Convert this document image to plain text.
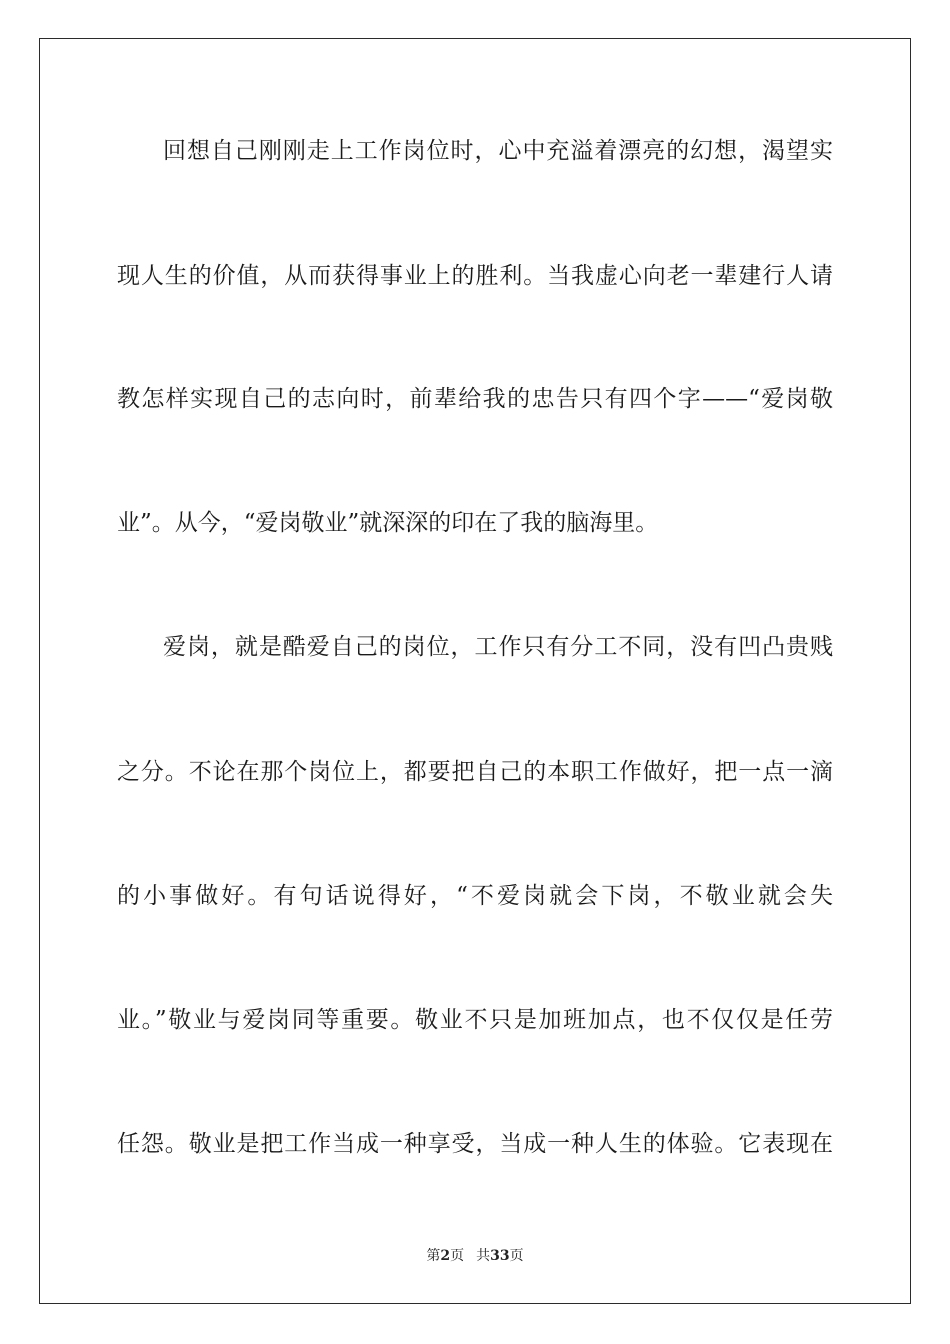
回想自己刚刚走上工作岗位时，心中充溢着漂亮的幻想，渴望实
现人生的价值，从而获得事业上的胜利。当我虚心向老一辈建行人请
教怎样实现自己的志向时，前辈给我的忠告只有四个字——“爱岗敬
业”。从今，“爱岗敬业”就深深的印在了我的脑海里。
爱岗，就是酷爱自己的岗位，工作只有分工不同，没有凹凸贵贱
之分。不论在那个岗位上，都要把自己的本职工作做好，把一点一滴
的小事做好。有句话说得好，“不爱岗就会下岗，不敬业就会失
业。”敬业与爱岗同等重要。敬业不只是加班加点，也不仅仅是任劳
任怨。敬业是把工作当成一种享受，当成一种人生的体验。它表现在
第2页 共33页
